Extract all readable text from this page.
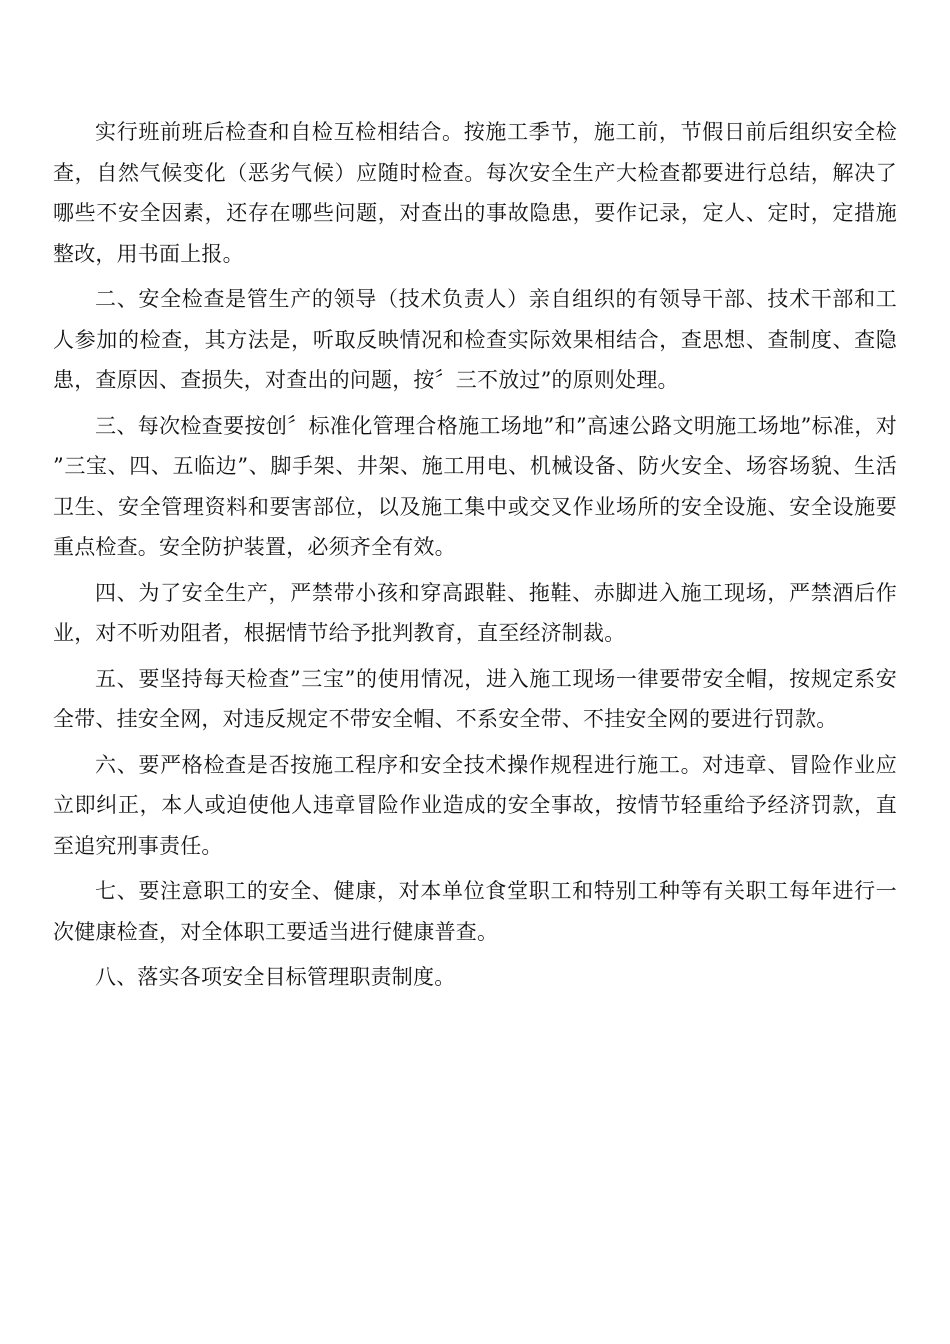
实行班前班后检查和自检互检相结合。按施工季节，施工前，节假日前后组织安全检查，自然气候变化（恶劣气候）应随时检查。每次安全生产大检查都要进行总结，解决了哪些不安全因素，还存在哪些问题，对查出的事故隐患，要作记录，定人、定时，定措施整改，用书面上报。

二、安全检查是管生产的领导（技术负责人）亲自组织的有领导干部、技术干部和工人参加的检查，其方法是，听取反映情况和检查实际效果相结合，查思想、查制度、查隐患，查原因、查损失，对查出的问题，按〞三不放过”的原则处理。

三、每次检查要按创〞标准化管理合格施工场地”和”高速公路文明施工场地”标准，对”三宝、四、五临边”、脚手架、井架、施工用电、机械设备、防火安全、场容场貌、生活卫生、安全管理资料和要害部位，以及施工集中或交叉作业场所的安全设施、安全设施要重点检查。安全防护装置，必须齐全有效。

四、为了安全生产，严禁带小孩和穿高跟鞋、拖鞋、赤脚进入施工现场，严禁酒后作业，对不听劝阻者，根据情节给予批判教育，直至经济制裁。

五、要坚持每天检查”三宝”的使用情况，进入施工现场一律要带安全帽，按规定系安全带、挂安全网，对违反规定不带安全帽、不系安全带、不挂安全网的要进行罚款。

六、要严格检查是否按施工程序和安全技术操作规程进行施工。对违章、冒险作业应立即纠正，本人或迫使他人违章冒险作业造成的安全事故，按情节轻重给予经济罚款，直至追究刑事责任。

七、要注意职工的安全、健康，对本单位食堂职工和特别工种等有关职工每年进行一次健康检查，对全体职工要适当进行健康普查。

八、落实各项安全目标管理职责制度。
